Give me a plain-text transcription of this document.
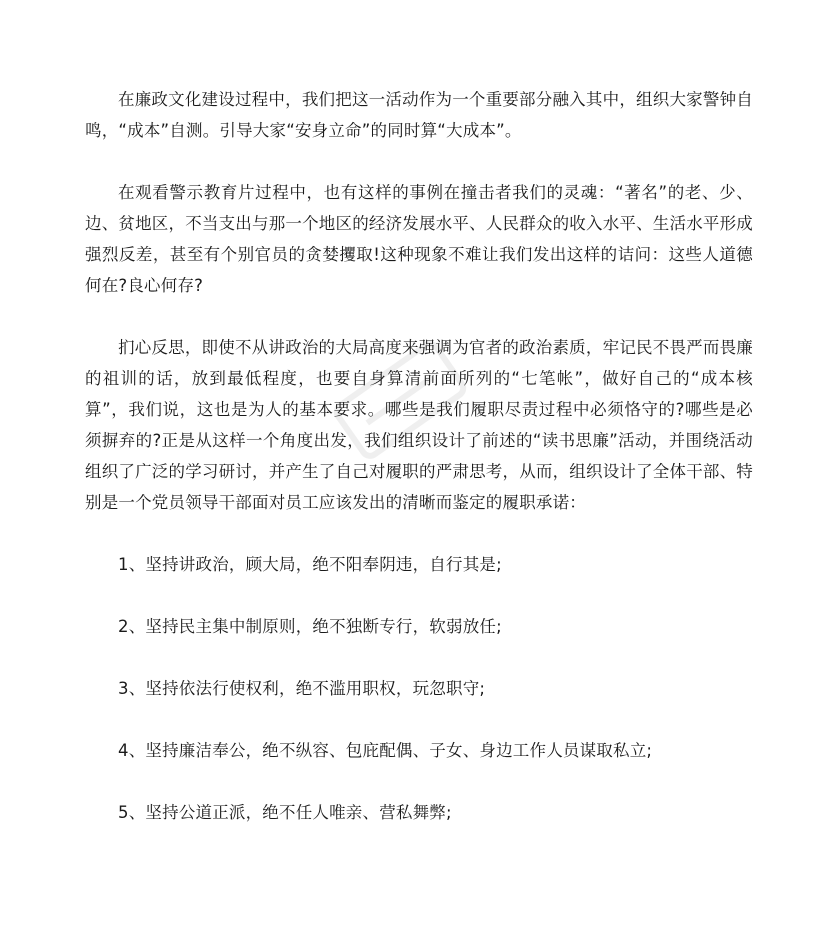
在廉政文化建设过程中，我们把这一活动作为一个重要部分融入其中，组织大家警钟自鸣，“成本”自测。引导大家“安身立命”的同时算“大成本”。

在观看警示教育片过程中，也有这样的事例在撞击者我们的灵魂：“著名”的老、少、边、贫地区，不当支出与那一个地区的经济发展水平、人民群众的收入水平、生活水平形成强烈反差，甚至有个别官员的贪婪攫取!这种现象不难让我们发出这样的诘问：这些人道德何在?良心何存?

扪心反思，即使不从讲政治的大局高度来强调为官者的政治素质，牢记民不畏严而畏廉的祖训的话，放到最低程度，也要自身算清前面所列的“七笔帐”，做好自己的“成本核算”，我们说，这也是为人的基本要求。哪些是我们履职尽责过程中必须恪守的?哪些是必须摒弃的?正是从这样一个角度出发，我们组织设计了前述的“读书思廉”活动，并围绕活动组织了广泛的学习研讨，并产生了自己对履职的严肃思考，从而，组织设计了全体干部、特别是一个党员领导干部面对员工应该发出的清晰而鉴定的履职承诺：

1、坚持讲政治，顾大局，绝不阳奉阴违，自行其是;

2、坚持民主集中制原则，绝不独断专行，软弱放任;

3、坚持依法行使权利，绝不滥用职权，玩忽职守;

4、坚持廉洁奉公，绝不纵容、包庇配偶、子女、身边工作人员谋取私立;

5、坚持公道正派，绝不任人唯亲、营私舞弊;
